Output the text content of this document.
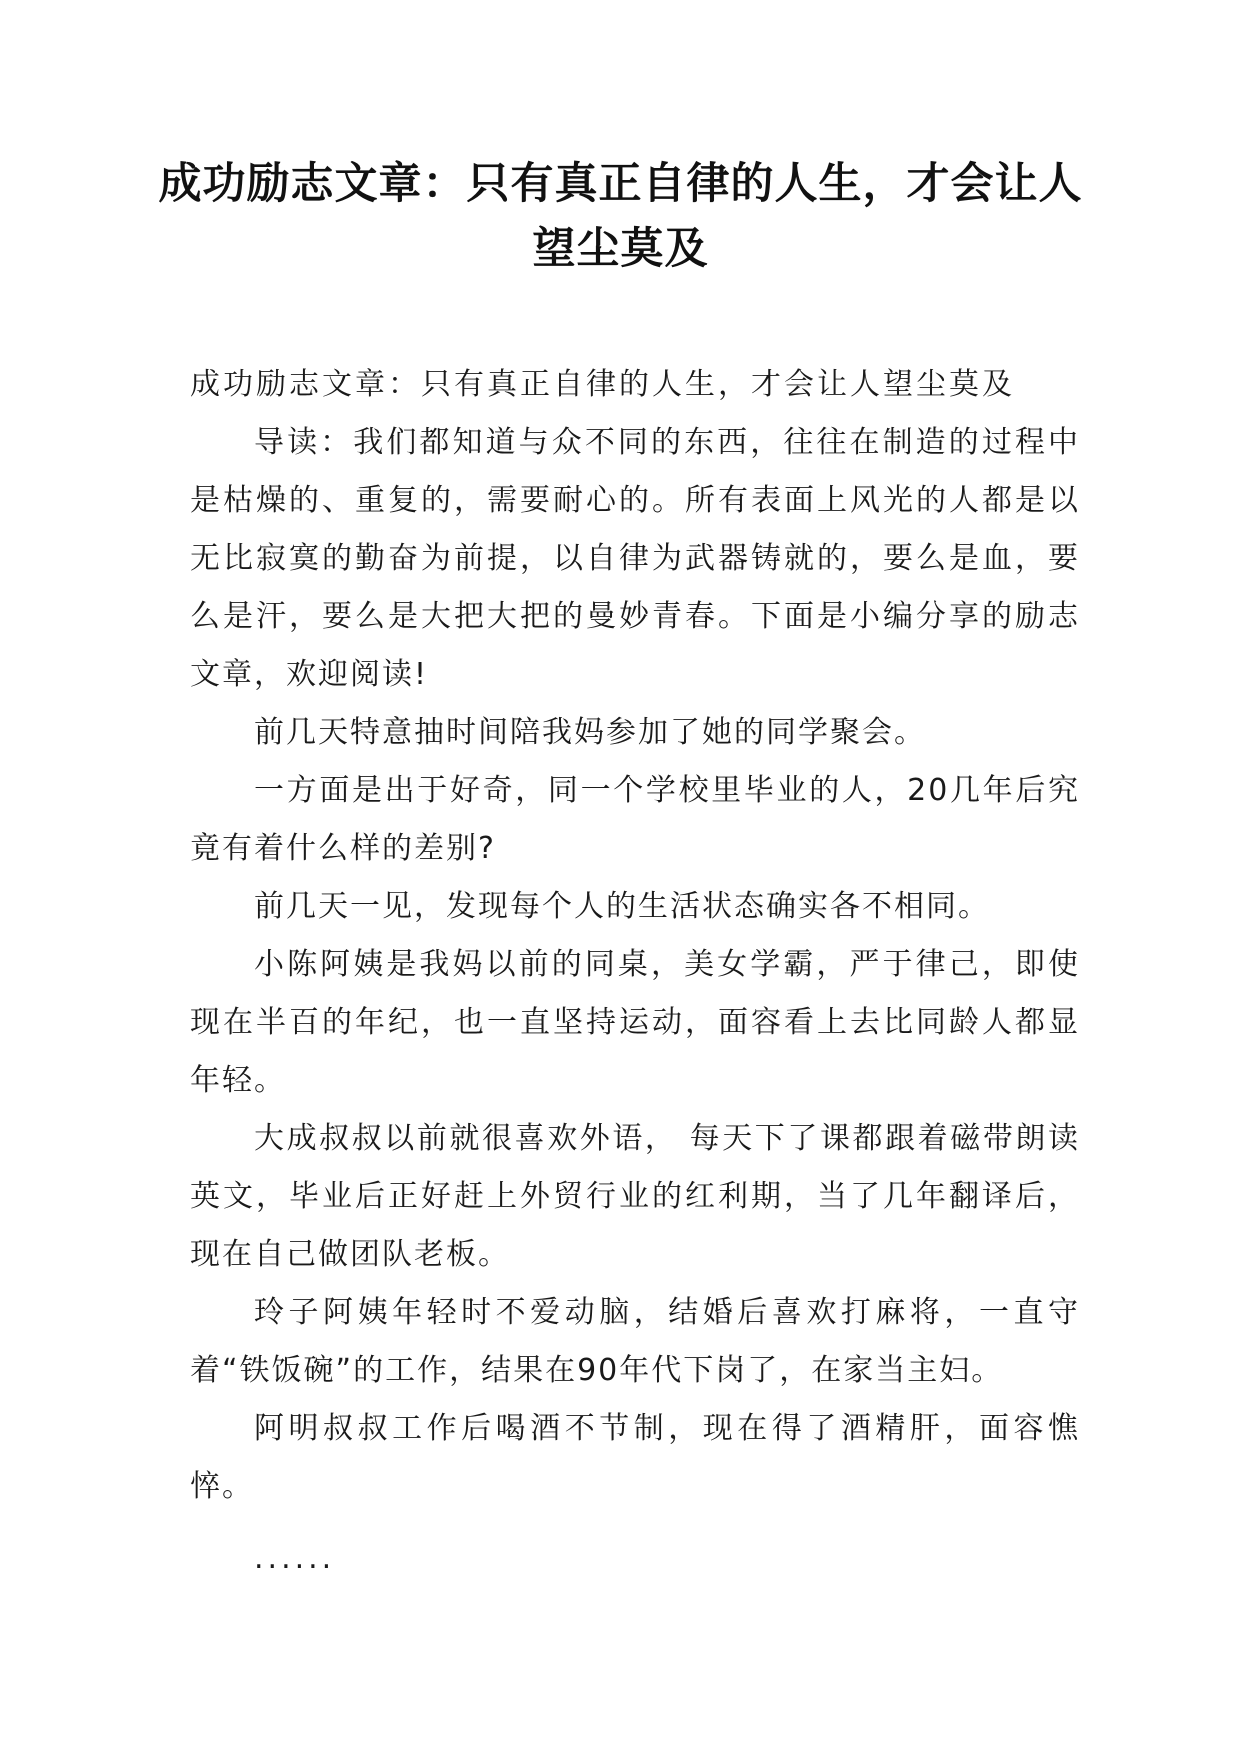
成功励志文章：只有真正自律的人生，才会让人望尘莫及

成功励志文章：只有真正自律的人生，才会让人望尘莫及

导读：我们都知道与众不同的东西，往往在制造的过程中是枯燥的、重复的，需要耐心的。所有表面上风光的人都是以无比寂寞的勤奋为前提，以自律为武器铸就的，要么是血，要么是汗，要么是大把大把的曼妙青春。下面是小编分享的励志文章，欢迎阅读!

前几天特意抽时间陪我妈参加了她的同学聚会。

一方面是出于好奇，同一个学校里毕业的人，20几年后究竟有着什么样的差别?

前几天一见，发现每个人的生活状态确实各不相同。

小陈阿姨是我妈以前的同桌，美女学霸，严于律己，即使现在半百的年纪，也一直坚持运动，面容看上去比同龄人都显年轻。

大成叔叔以前就很喜欢外语， 每天下了课都跟着磁带朗读英文，毕业后正好赶上外贸行业的红利期，当了几年翻译后，现在自己做团队老板。

玲子阿姨年轻时不爱动脑，结婚后喜欢打麻将，一直守着“铁饭碗”的工作，结果在90年代下岗了，在家当主妇。

阿明叔叔工作后喝酒不节制，现在得了酒精肝，面容憔悴。

......
